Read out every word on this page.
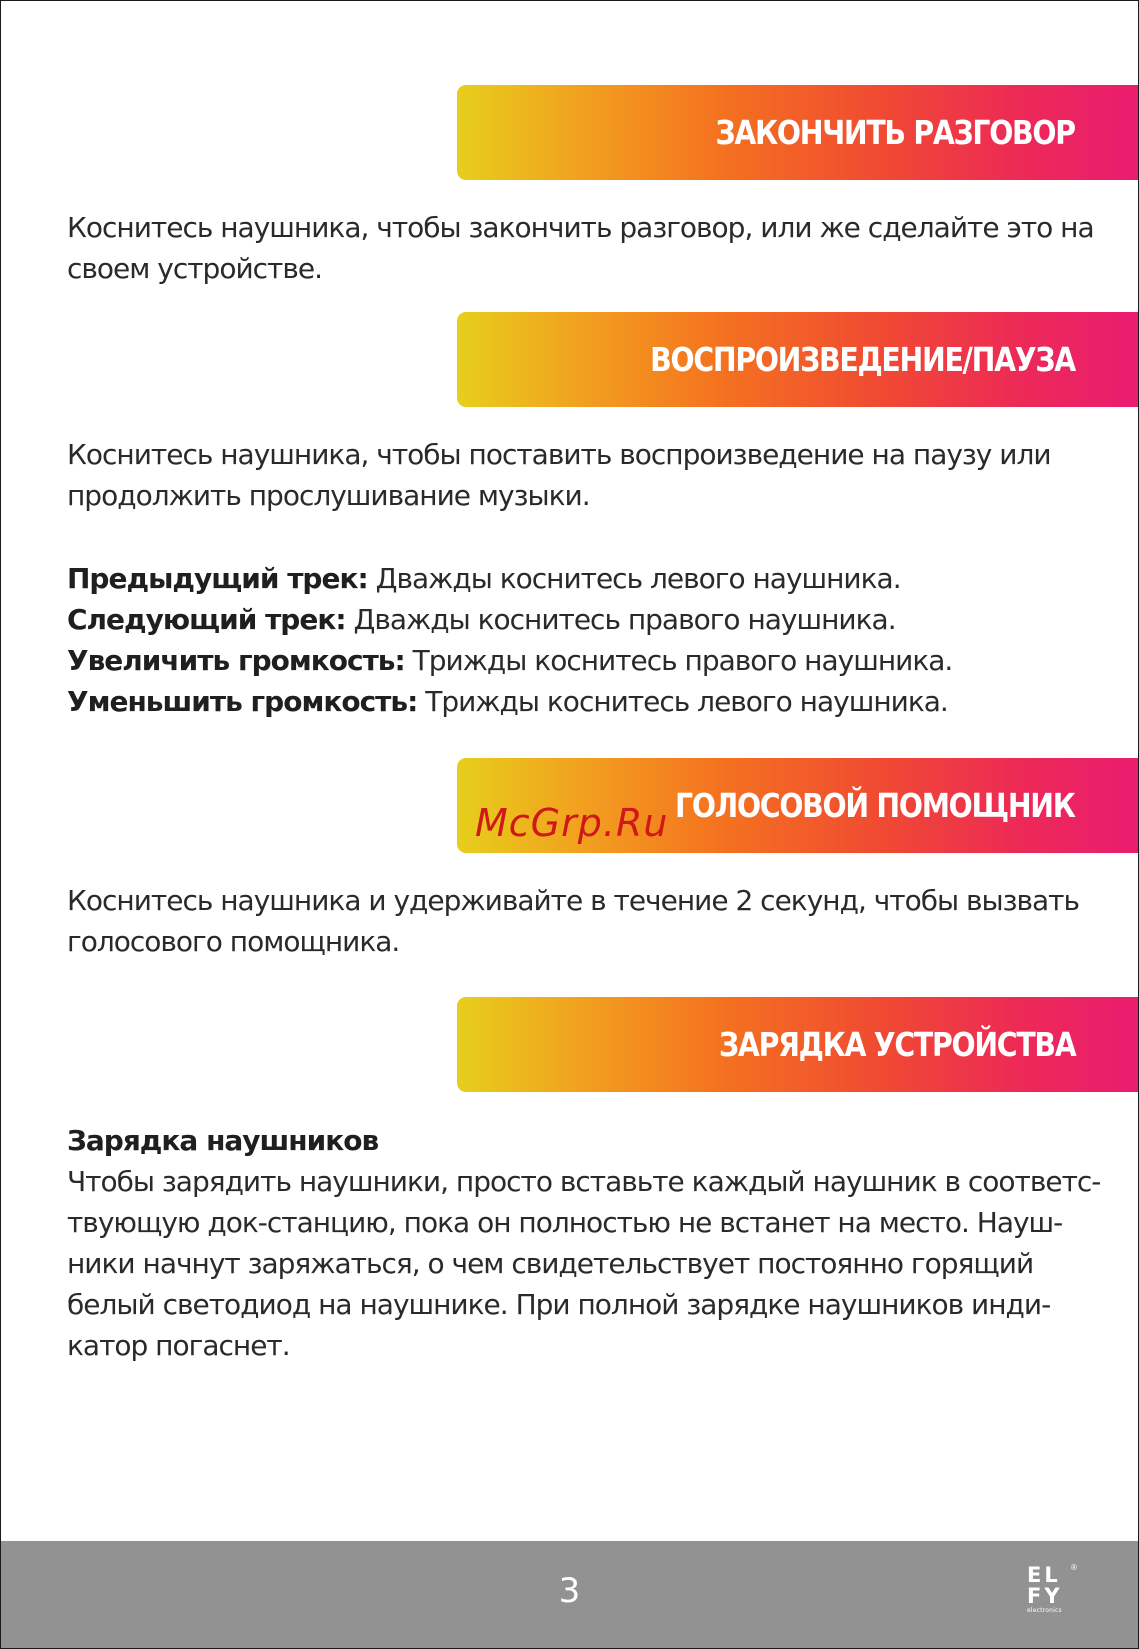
ЗАКОНЧИТЬ РАЗГОВОР

Коснитесь наушника, чтобы закончить разговор, или же сделайте это на

своем устройстве.

ВОСПРОИЗВЕДЕНИЕ/ПАУЗА

Коснитесь наушника, чтобы поставить воспроизведение на паузу или

продолжить прослушивание музыки.

Предыдущий трек: Дважды коснитесь левого наушника.

Следующий трек: Дважды коснитесь правого наушника.

Увеличить громкость: Трижды коснитесь правого наушника.

Уменьшить громкость: Трижды коснитесь левого наушника.

ГОЛОСОВОЙ ПОМОЩНИК
McGrp.Ru

Коснитесь наушника и удерживайте в течение 2 секунд, чтобы вызвать

голосового помощника.

ЗАРЯДКА УСТРОЙСТВА

Зарядка наушников

Чтобы зарядить наушники, просто вставьте каждый наушник в соответс-

твующую док-станцию, пока он полностью не встанет на место. Науш-

ники начнут заряжаться, о чем свидетельствует постоянно горящий

белый светодиод на наушнике. При полной зарядке наушников инди-

катор погаснет.

3	EL
FY
electronics
®
